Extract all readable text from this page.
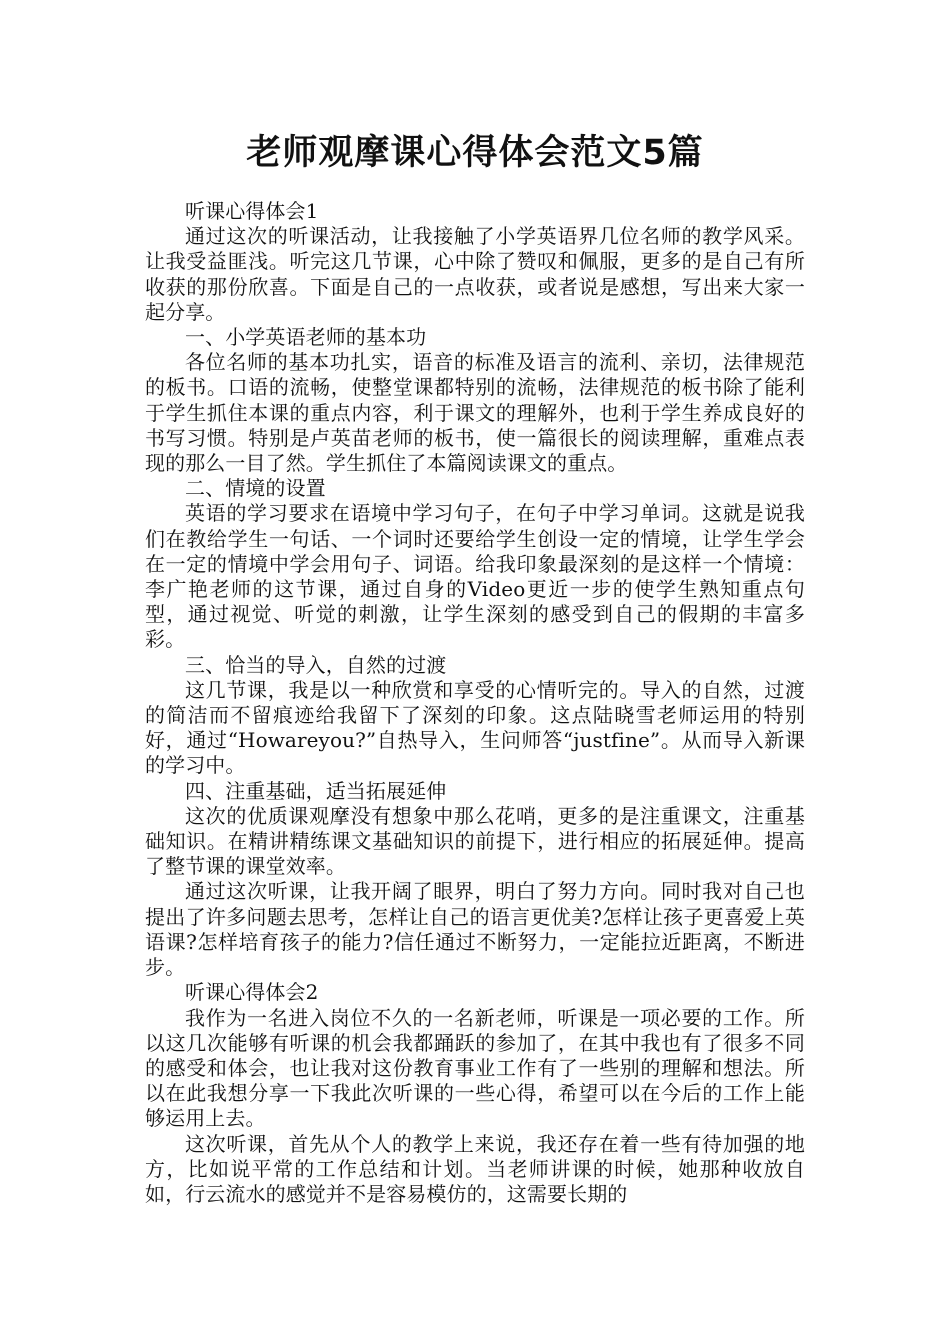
老师观摩课心得体会范文5篇

听课心得体会1

通过这次的听课活动，让我接触了小学英语界几位名师的教学风采。让我受益匪浅。听完这几节课，心中除了赞叹和佩服，更多的是自己有所收获的那份欣喜。下面是自己的一点收获，或者说是感想，写出来大家一起分享。

一、小学英语老师的基本功

各位名师的基本功扎实，语音的标准及语言的流利、亲切，法律规范的板书。口语的流畅，使整堂课都特别的流畅，法律规范的板书除了能利于学生抓住本课的重点内容，利于课文的理解外，也利于学生养成良好的书写习惯。特别是卢英苗老师的板书，使一篇很长的阅读理解，重难点表现的那么一目了然。学生抓住了本篇阅读课文的重点。

二、情境的设置

英语的学习要求在语境中学习句子，在句子中学习单词。这就是说我们在教给学生一句话、一个词时还要给学生创设一定的情境，让学生学会在一定的情境中学会用句子、词语。给我印象最深刻的是这样一个情境：李广艳老师的这节课，通过自身的Video更近一步的使学生熟知重点句型，通过视觉、听觉的刺激，让学生深刻的感受到自己的假期的丰富多彩。

三、恰当的导入，自然的过渡

这几节课，我是以一种欣赏和享受的心情听完的。导入的自然，过渡的简洁而不留痕迹给我留下了深刻的印象。这点陆晓雪老师运用的特别好，通过“Howareyou?”自热导入，生问师答“justfine”。从而导入新课的学习中。

四、注重基础，适当拓展延伸

这次的优质课观摩没有想象中那么花哨，更多的是注重课文，注重基础知识。在精讲精练课文基础知识的前提下，进行相应的拓展延伸。提高了整节课的课堂效率。

通过这次听课，让我开阔了眼界，明白了努力方向。同时我对自己也提出了许多问题去思考，怎样让自己的语言更优美?怎样让孩子更喜爱上英语课?怎样培育孩子的能力?信任通过不断努力，一定能拉近距离，不断进步。

听课心得体会2

我作为一名进入岗位不久的一名新老师，听课是一项必要的工作。所以这几次能够有听课的机会我都踊跃的参加了，在其中我也有了很多不同的感受和体会，也让我对这份教育事业工作有了一些别的理解和想法。所以在此我想分享一下我此次听课的一些心得，希望可以在今后的工作上能够运用上去。

这次听课，首先从个人的教学上来说，我还存在着一些有待加强的地方，比如说平常的工作总结和计划。当老师讲课的时候，她那种收放自如，行云流水的感觉并不是容易模仿的，这需要长期的
